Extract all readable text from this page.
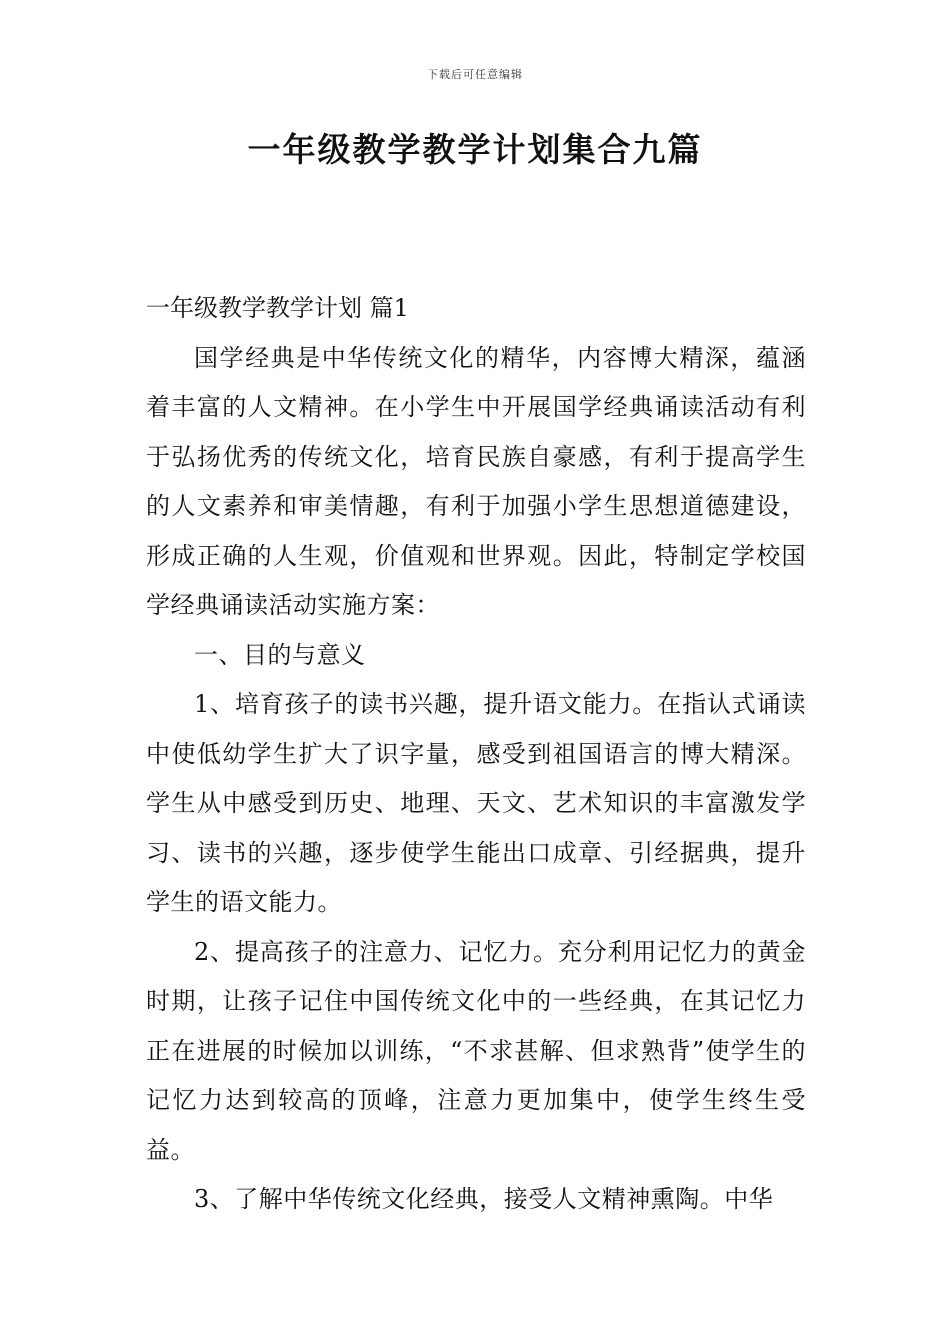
下载后可任意编辑
一年级教学教学计划集合九篇
一年级教学教学计划 篇1

国学经典是中华传统文化的精华，内容博大精深，蕴涵着丰富的人文精神。在小学生中开展国学经典诵读活动有利于弘扬优秀的传统文化，培育民族自豪感，有利于提高学生的人文素养和审美情趣，有利于加强小学生思想道德建设，形成正确的人生观，价值观和世界观。因此，特制定学校国学经典诵读活动实施方案：

一、目的与意义

1、培育孩子的读书兴趣，提升语文能力。在指认式诵读中使低幼学生扩大了识字量，感受到祖国语言的博大精深。学生从中感受到历史、地理、天文、艺术知识的丰富激发学习、读书的兴趣，逐步使学生能出口成章、引经据典，提升学生的语文能力。

2、提高孩子的注意力、记忆力。充分利用记忆力的黄金时期，让孩子记住中国传统文化中的一些经典，在其记忆力正在进展的时候加以训练，“不求甚解、但求熟背”使学生的记忆力达到较高的顶峰，注意力更加集中，使学生终生受益。

3、了解中华传统文化经典，接受人文精神熏陶。中华
